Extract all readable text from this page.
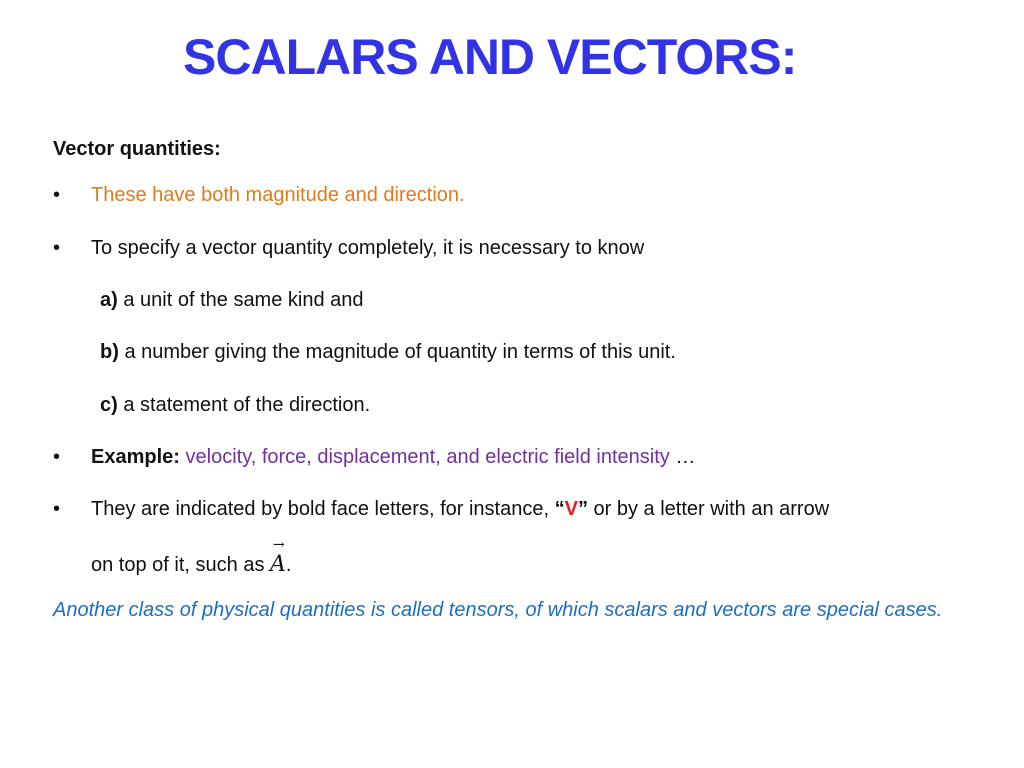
SCALARS AND VECTORS:
Vector quantities:
• These have both magnitude and direction.
• To specify a vector quantity completely, it is necessary to know
a) a unit of the same kind and
b) a number giving the magnitude of quantity in terms of this unit.
c) a statement of the direction.
• Example: velocity, force, displacement, and electric field intensity …
• They are indicated by bold face letters, for instance, “V” or by a letter with an arrow
on top of it, such as
→
A.
Another class of physical quantities is called tensors, of which scalars and vectors are special cases.
